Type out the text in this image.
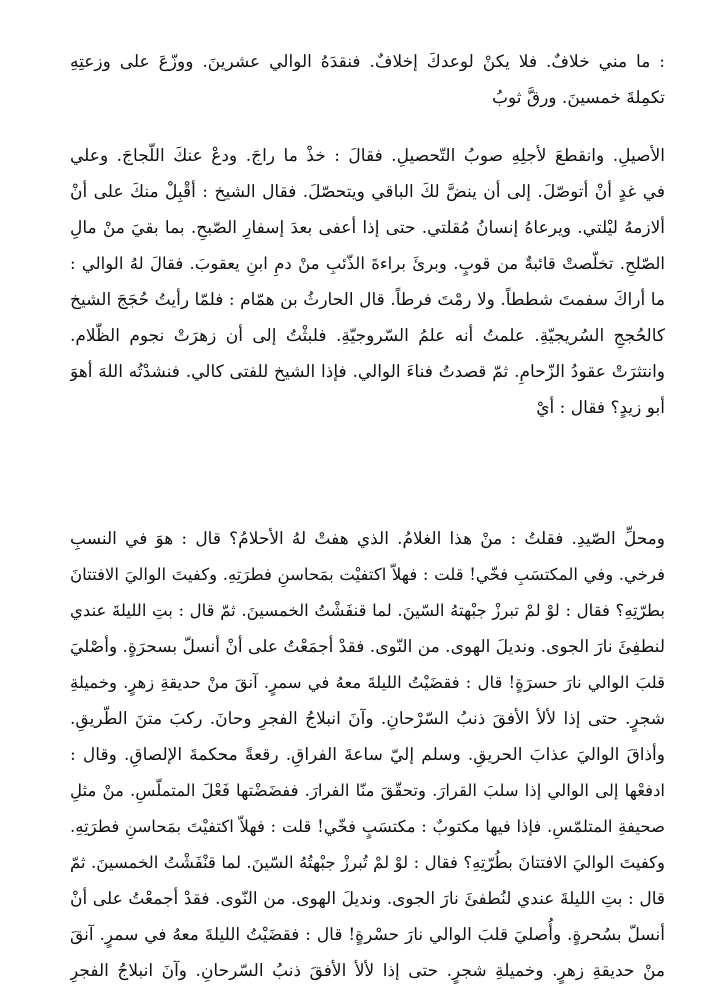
: ما مني خلافٌ. فلا يكنْ لوعدكَ إخلافٌ. فنقدَهُ الوالي عشرينَ. ووزّعَ على وزعتِهِ
تكمِلةَ خمسينَ. ورقَّ ثوبُ
الأصيلِ. وانقطعَ لأجلِهِ صوبُ التّحصيلِ. فقالَ : خذْ ما راجَ. ودعْ عنكَ اللّجاجَ. وعلي
في غدٍ أنْ أتوصّلَ. إلى أن ينضَّ لكَ الباقي ويتحصّلَ. فقال الشيخ : أقْبِلْ منكَ على أنْ
ألازمهُ ليْلتي. ويرعاهُ إنسانُ مُقلتي. حتى إذا أعفى بعدَ إسفارِ الصّبحِ. بما بقيَ منْ مالِ
الصّلحِ. تخلّصتْ قائبةٌ من قوبٍ. وبرئَ براءةَ الذّئبِ منْ دمِ ابنِ يعقوبَ. فقالَ لهُ الوالي :
ما أراكَ سفمتَ شططاً. ولا رمْتَ فرطاً. قال الحارثُ بن همّام : فلمّا رأيتُ حُجَجَ الشيخ
كالحُججِ السُريجيّةِ. علمتُ أنه علمُ السّروجيّةِ. فلبثْتُ إلى أن زهرَتْ نجوم الظّلام.
وانتثرَتْ عقودُ الزّحامِ. ثمّ قصدتُ فناءَ الوالي. فإذا الشيخ للفتى كالي. فنشدْتُه اللهَ أهوَ
أبو زيدٍ؟ فقال : أيْ
ومحلِّ الصّيدِ. فقلتُ : منْ هذا الغلامُ. الذي هفتْ لهُ الأحلامُ؟ قال : هوَ في النسبِ
فرخي. وفي المكتسَبِ فخّي! قلت : فهلاّ اكتفيْت بمَحاسنِ فطرَتِهِ. وكفيتَ الواليَ الافتتانَ
بطرّتِهِ؟ فقال : لوْ لمْ تبرزْ جبْهتهُ السّينَ. لما قنفَشْتُ الخمسينَ. ثمّ قال : بتِ الليلةَ عندي
لنطفِئَ نارَ الجوى. ونديلَ الهوى. من النّوى. فقدْ أجمَعْتُ على أنْ أنسلّ بسحرَةٍ. وأصْليَ
قلبَ الوالي نارَ حسرَةٍ! قال : فقضَيْتُ الليلةَ معهُ في سمرٍ. آنقَ منْ حديقةِ زهرٍ. وخميلةِ
شجرٍ. حتى إذا لألأ الأفقَ ذنبُ السّرْحانِ. وآنَ انبلاجُ الفجرِ وحانَ. ركبَ متنَ الطّريقِ.
وأذاقَ الواليَ عذابَ الحريقِ. وسلم إليّ ساعةَ الفراقِ. رقعةً محكمةَ الإلصاقِ. وقال :
ادفعْها إلى الوالي إذا سلبَ القرارَ. وتحقّقَ منّا الفرارَ. ففضَضْتها فَعْلَ المتملّسِ. منْ مثلِ
صحيفةِ المتلمّسِ. فإذا فيها مكتوبٌ : مكتسَبٍ فخّي! قلت : فهلاّ اكتفيْتَ بمَحاسنِ فطرَتِهِ.
وكفيتَ الواليَ الافتتانَ بطُرّتِهِ؟ فقال : لوْ لمْ تُبرزْ جبْهتُهُ السّينَ. لما قنْفَشْتُ الخمسينَ. ثمّ
قال : بتِ الليلةَ عندي لنُطفئَ نارَ الجوى. ونديلَ الهوى. من النّوى. فقدْ أجمعْتُ على أنْ
أنسلّ بسُحرةٍ. وأُصليَ قلبَ الوالي نارَ حسْرةٍ! قال : فقضَيْتُ الليلةَ معهُ في سمرٍ. آنقَ
منْ حديقةِ زهرٍ. وخميلةِ شجرٍ. حتى إذا لألأ الأفقَ ذنبُ السّرحانِ. وآنَ انبلاجُ الفجرِ
